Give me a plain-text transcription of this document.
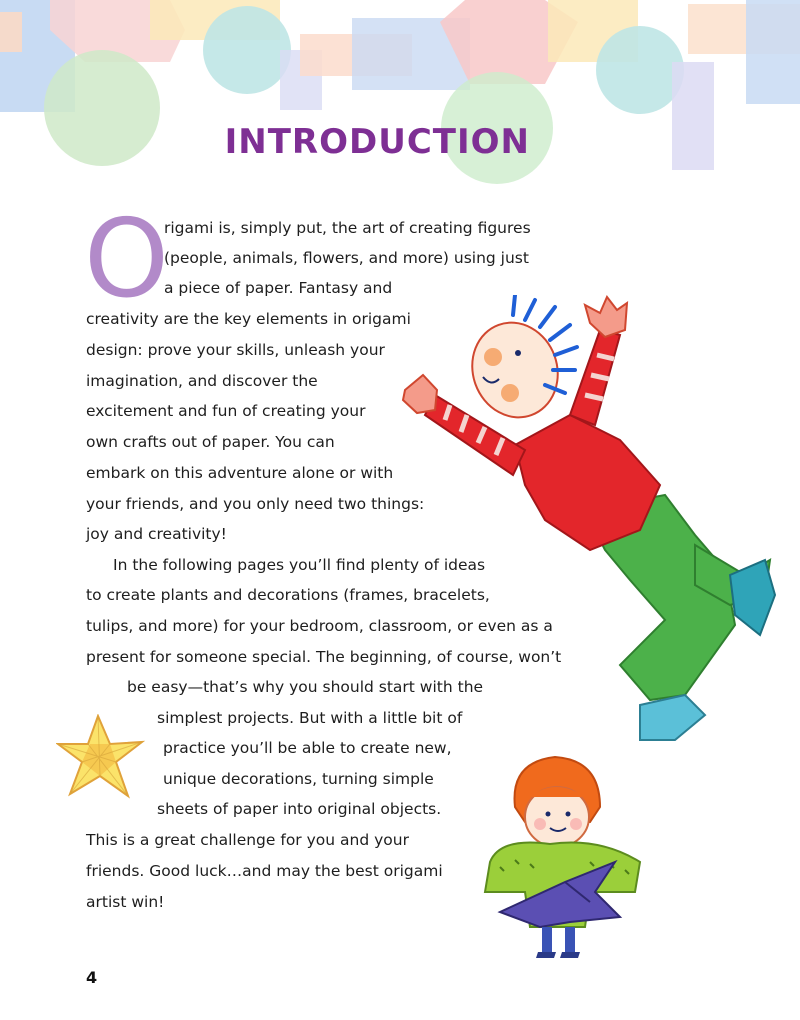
INTRODUCTION
O
rigami is, simply put, the art of creating figures
(people, animals, flowers, and more) using just
a piece of paper. Fantasy and
creativity are the key elements in origami
design: prove your skills, unleash your
imagination, and discover the
excitement and fun of creating your
own crafts out of paper. You can
embark on this adventure alone or with
your friends, and you only need two things:
joy and creativity!
In the following pages you’ll find plenty of ideas
to create plants and decorations (frames, bracelets,
tulips, and more) for your bedroom, classroom, or even as a
present for someone special. The beginning, of course, won’t
be easy—that’s why you should start with the
simplest projects. But with a little bit of
practice you’ll be able to create new,
unique decorations, turning simple
sheets of paper into original objects.
This is a great challenge for you and your
friends. Good luck…and may the best origami
artist win!
4
